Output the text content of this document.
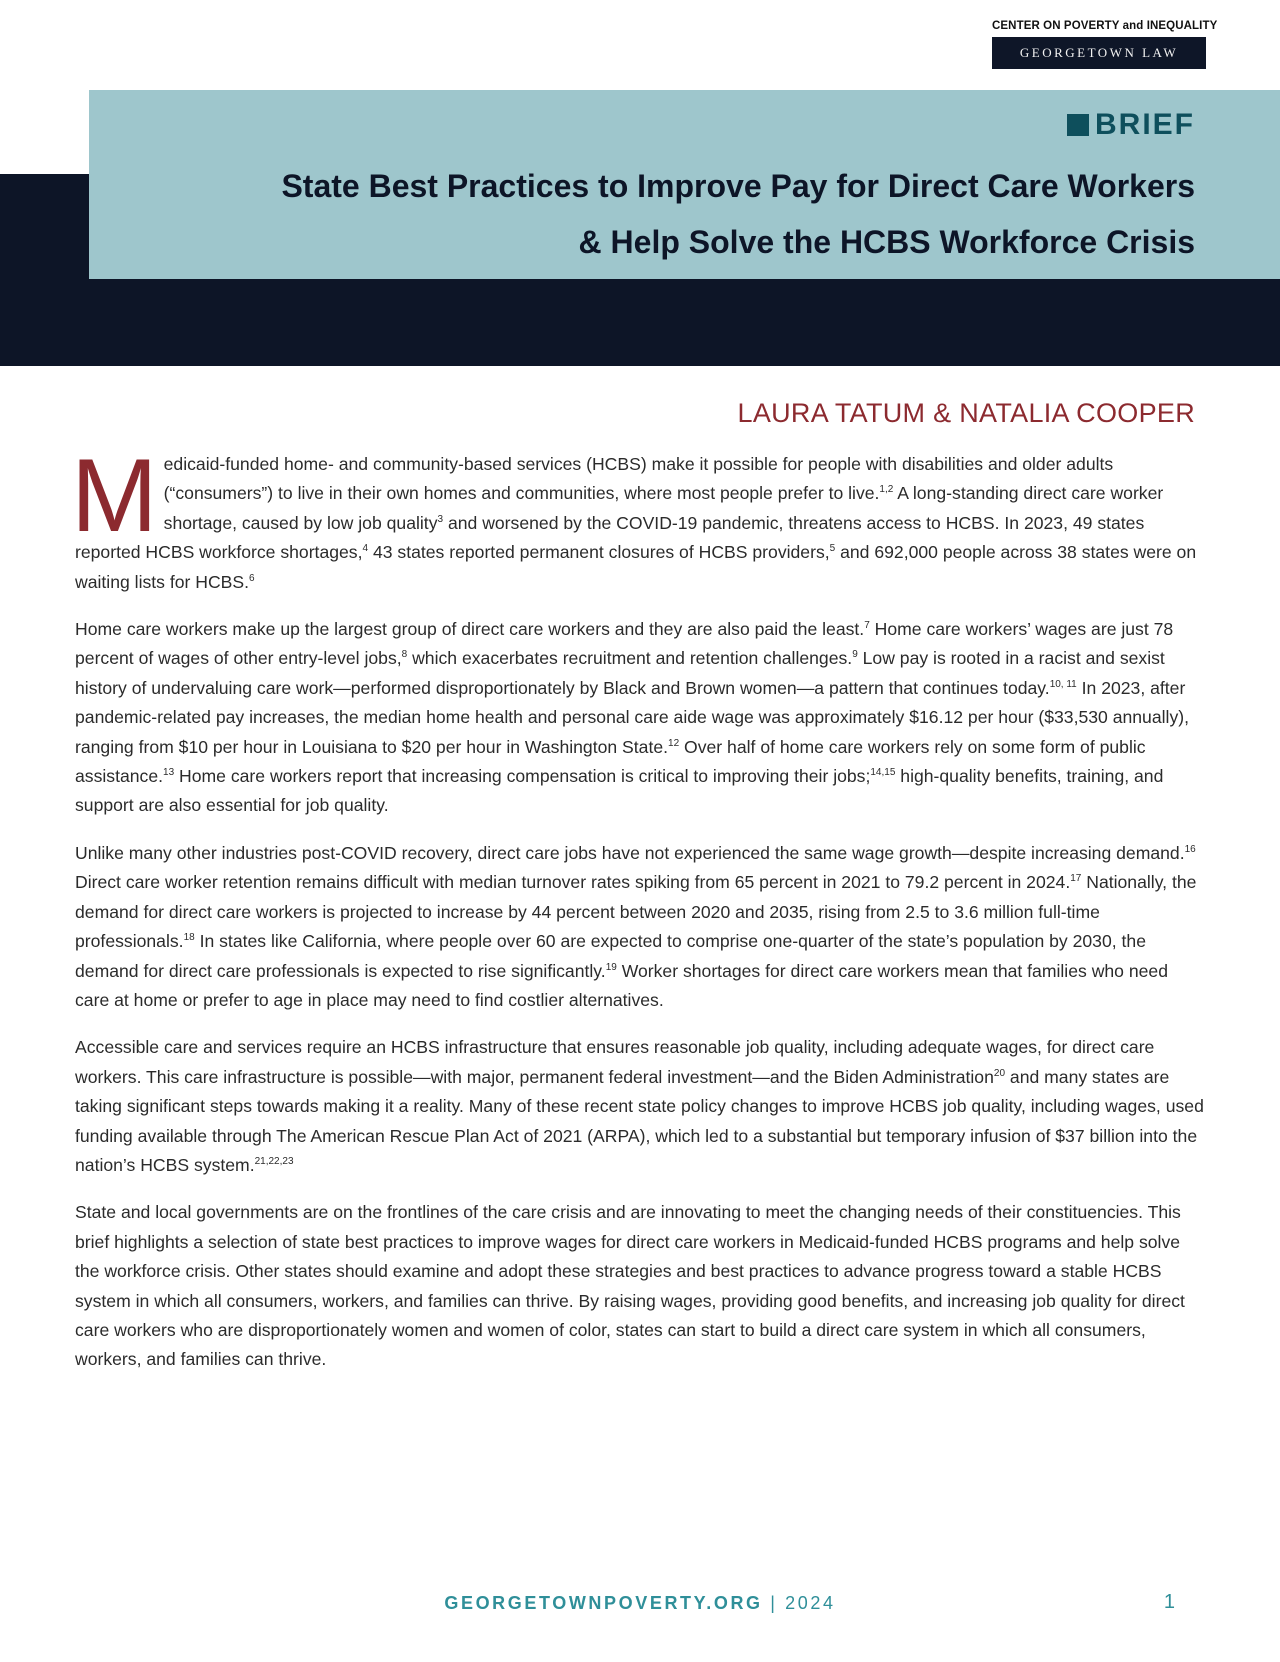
CENTER ON POVERTY and INEQUALITY
GEORGETOWN LAW
BRIEF
State Best Practices to Improve Pay for Direct Care Workers
& Help Solve the HCBS Workforce Crisis

LAURA TATUM & NATALIA COOPER

Medicaid-funded home- and community-based services (HCBS) make it possible for people with disabilities and older adults (“consumers”) to live in their own homes and communities, where most people prefer to live.$^{1,2}$ A long-standing direct care worker shortage, caused by low job quality$^3$ and worsened by the COVID-19 pandemic, threatens access to HCBS. In 2023, 49 states reported HCBS workforce shortages,$^4$ 43 states reported permanent closures of HCBS providers,$^5$ and 692,000 people across 38 states were on waiting lists for HCBS.$^6$

Home care workers make up the largest group of direct care workers and they are also paid the least.$^7$ Home care workers’ wages are just 78 percent of wages of other entry-level jobs,$^8$ which exacerbates recruitment and retention challenges.$^9$ Low pay is rooted in a racist and sexist history of undervaluing care work—performed disproportionately by Black and Brown women—a pattern that continues today.$^{10, 11}$ In 2023, after pandemic-related pay increases, the median home health and personal care aide wage was approximately $16.12 per hour ($33,530 annually), ranging from $10 per hour in Louisiana to $20 per hour in Washington State.$^{12}$ Over half of home care workers rely on some form of public assistance.$^{13}$ Home care workers report that increasing compensation is critical to improving their jobs;$^{14,15}$ high-quality benefits, training, and support are also essential for job quality.

Unlike many other industries post-COVID recovery, direct care jobs have not experienced the same wage growth—despite increasing demand.$^{16}$ Direct care worker retention remains difficult with median turnover rates spiking from 65 percent in 2021 to 79.2 percent in 2024.17 Nationally, the demand for direct care workers is projected to increase by 44 percent between 2020 and 2035, rising from 2.5 to 3.6 million full-time professionals.$^{18}$ In states like California, where people over 60 are expected to comprise one-quarter of the state’s population by 2030, the demand for direct care professionals is expected to rise significantly.$^{19}$ Worker shortages for direct care workers mean that families who need care at home or prefer to age in place may need to find costlier alternatives.

Accessible care and services require an HCBS infrastructure that ensures reasonable job quality, including adequate wages, for direct care workers. This care infrastructure is possible—with major, permanent federal investment—and the Biden Administration$^{20}$ and many states are taking significant steps towards making it a reality. Many of these recent state policy changes to improve HCBS job quality, including wages, used funding available through The American Rescue Plan Act of 2021 (ARPA), which led to a substantial but temporary infusion of $37 billion into the nation’s HCBS system.$^{21,22,23}$

State and local governments are on the frontlines of the care crisis and are innovating to meet the changing needs of their constituencies. This brief highlights a selection of state best practices to improve wages for direct care workers in Medicaid-funded HCBS programs and help solve the workforce crisis. Other states should examine and adopt these strategies and best practices to advance progress toward a stable HCBS system in which all consumers, workers, and families can thrive. By raising wages, providing good benefits, and increasing job quality for direct care workers who are disproportionately women and women of color, states can start to build a direct care system in which all consumers, workers, and families can thrive.

GEORGETOWNPOVERTY.ORG | 2024	1
